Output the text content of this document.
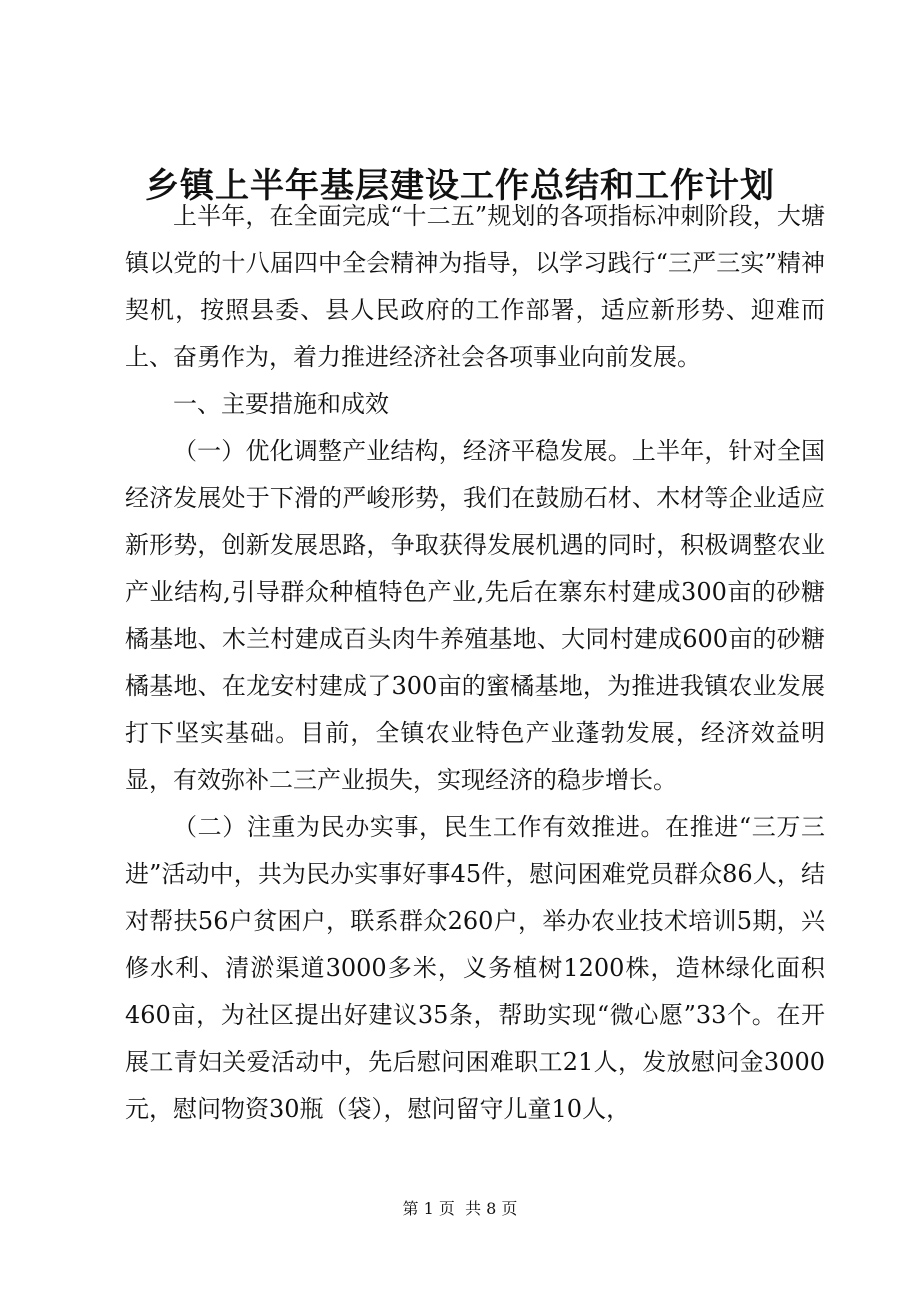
乡镇上半年基层建设工作总结和工作计划

上半年，在全面完成“十二五”规划的各项指标冲刺阶段，大塘镇以党的十八届四中全会精神为指导，以学习践行“三严三实”精神契机，按照县委、县人民政府的工作部署，适应新形势、迎难而上、奋勇作为，着力推进经济社会各项事业向前发展。

一、主要措施和成效

（一）优化调整产业结构，经济平稳发展。上半年，针对全国经济发展处于下滑的严峻形势，我们在鼓励石材、木材等企业适应新形势，创新发展思路，争取获得发展机遇的同时，积极调整农业产业结构,引导群众种植特色产业,先后在寨东村建成300亩的砂糖橘基地、木兰村建成百头肉牛养殖基地、大同村建成600亩的砂糖橘基地、在龙安村建成了300亩的蜜橘基地，为推进我镇农业发展打下坚实基础。目前，全镇农业特色产业蓬勃发展，经济效益明显，有效弥补二三产业损失，实现经济的稳步增长。

（二）注重为民办实事，民生工作有效推进。在推进“三万三进”活动中，共为民办实事好事45件，慰问困难党员群众86人，结对帮扶56户贫困户，联系群众260户，举办农业技术培训5期，兴修水利、清淤渠道3000多米，义务植树1200株，造林绿化面积460亩，为社区提出好建议35条，帮助实现“微心愿”33个。在开展工青妇关爱活动中，先后慰问困难职工21人，发放慰问金3000元，慰问物资30瓶（袋），慰问留守儿童10人，

第 1 页  共 8 页
